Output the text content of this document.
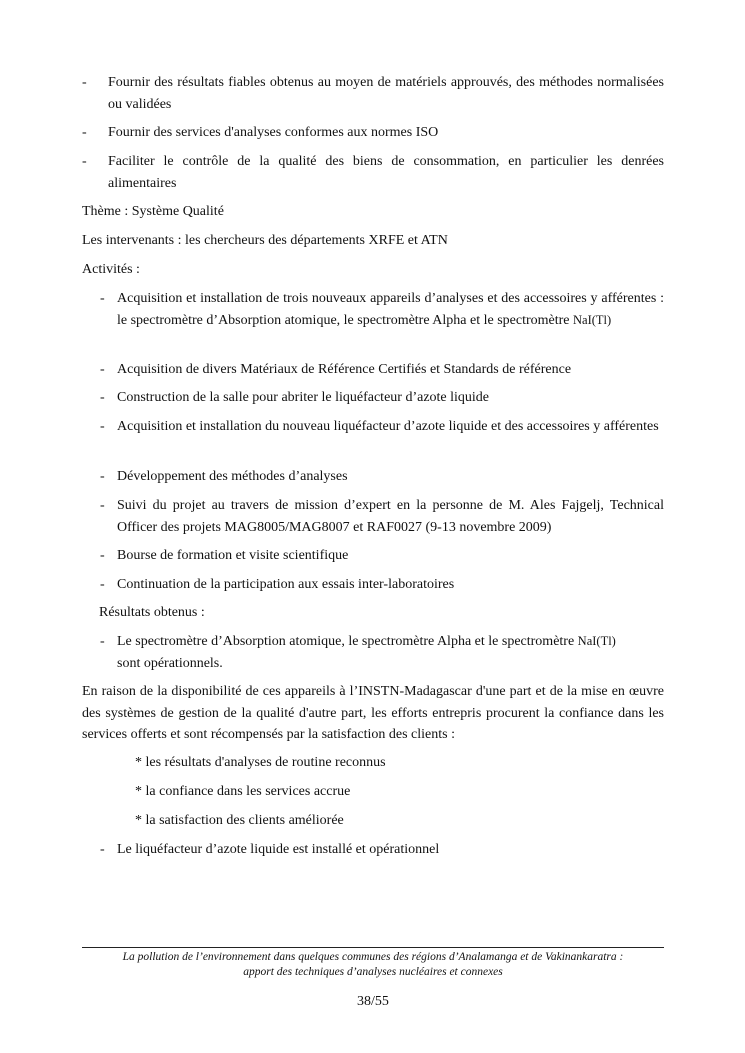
- Fournir des résultats fiables obtenus au moyen de matériels approuvés, des méthodes normalisées ou validées
- Fournir des services d'analyses conformes aux normes ISO
- Faciliter le contrôle de la qualité des biens de consommation, en particulier les denrées alimentaires
Thème : Système Qualité
Les intervenants : les chercheurs des départements XRFE et ATN
Activités :
- Acquisition et installation de trois nouveaux appareils d’analyses et des accessoires y afférentes : le spectromètre d’Absorption atomique, le spectromètre Alpha et le spectromètre NaI(Tl)
- Acquisition de divers Matériaux de Référence Certifiés et Standards de référence
- Construction de la salle pour abriter le liquéfacteur d’azote liquide
- Acquisition et installation du nouveau liquéfacteur d’azote liquide et des accessoires y afférentes
- Développement des méthodes d’analyses
- Suivi du projet au travers de mission d’expert en la personne de M. Ales Fajgelj, Technical Officer des projets MAG8005/MAG8007 et RAF0027 (9-13 novembre 2009)
- Bourse de formation et visite scientifique
- Continuation de la participation aux essais inter-laboratoires
Résultats obtenus :
- Le spectromètre d’Absorption atomique, le spectromètre Alpha et le spectromètre NaI(Tl)
sont opérationnels.
En raison de la disponibilité de ces appareils à l’INSTN-Madagascar d'une part et de la mise en œuvre des systèmes de gestion de la qualité d'autre part, les efforts entrepris procurent la confiance dans les services offerts et sont récompensés par la satisfaction des clients :
* les résultats d'analyses de routine reconnus
* la confiance dans les services accrue
* la satisfaction des clients améliorée
- Le liquéfacteur d’azote liquide est installé et opérationnel
La pollution de l’environnement dans quelques communes des régions d’Analamanga et de Vakinankaratra :
apport des techniques d’analyses nucléaires et connexes
38/55
